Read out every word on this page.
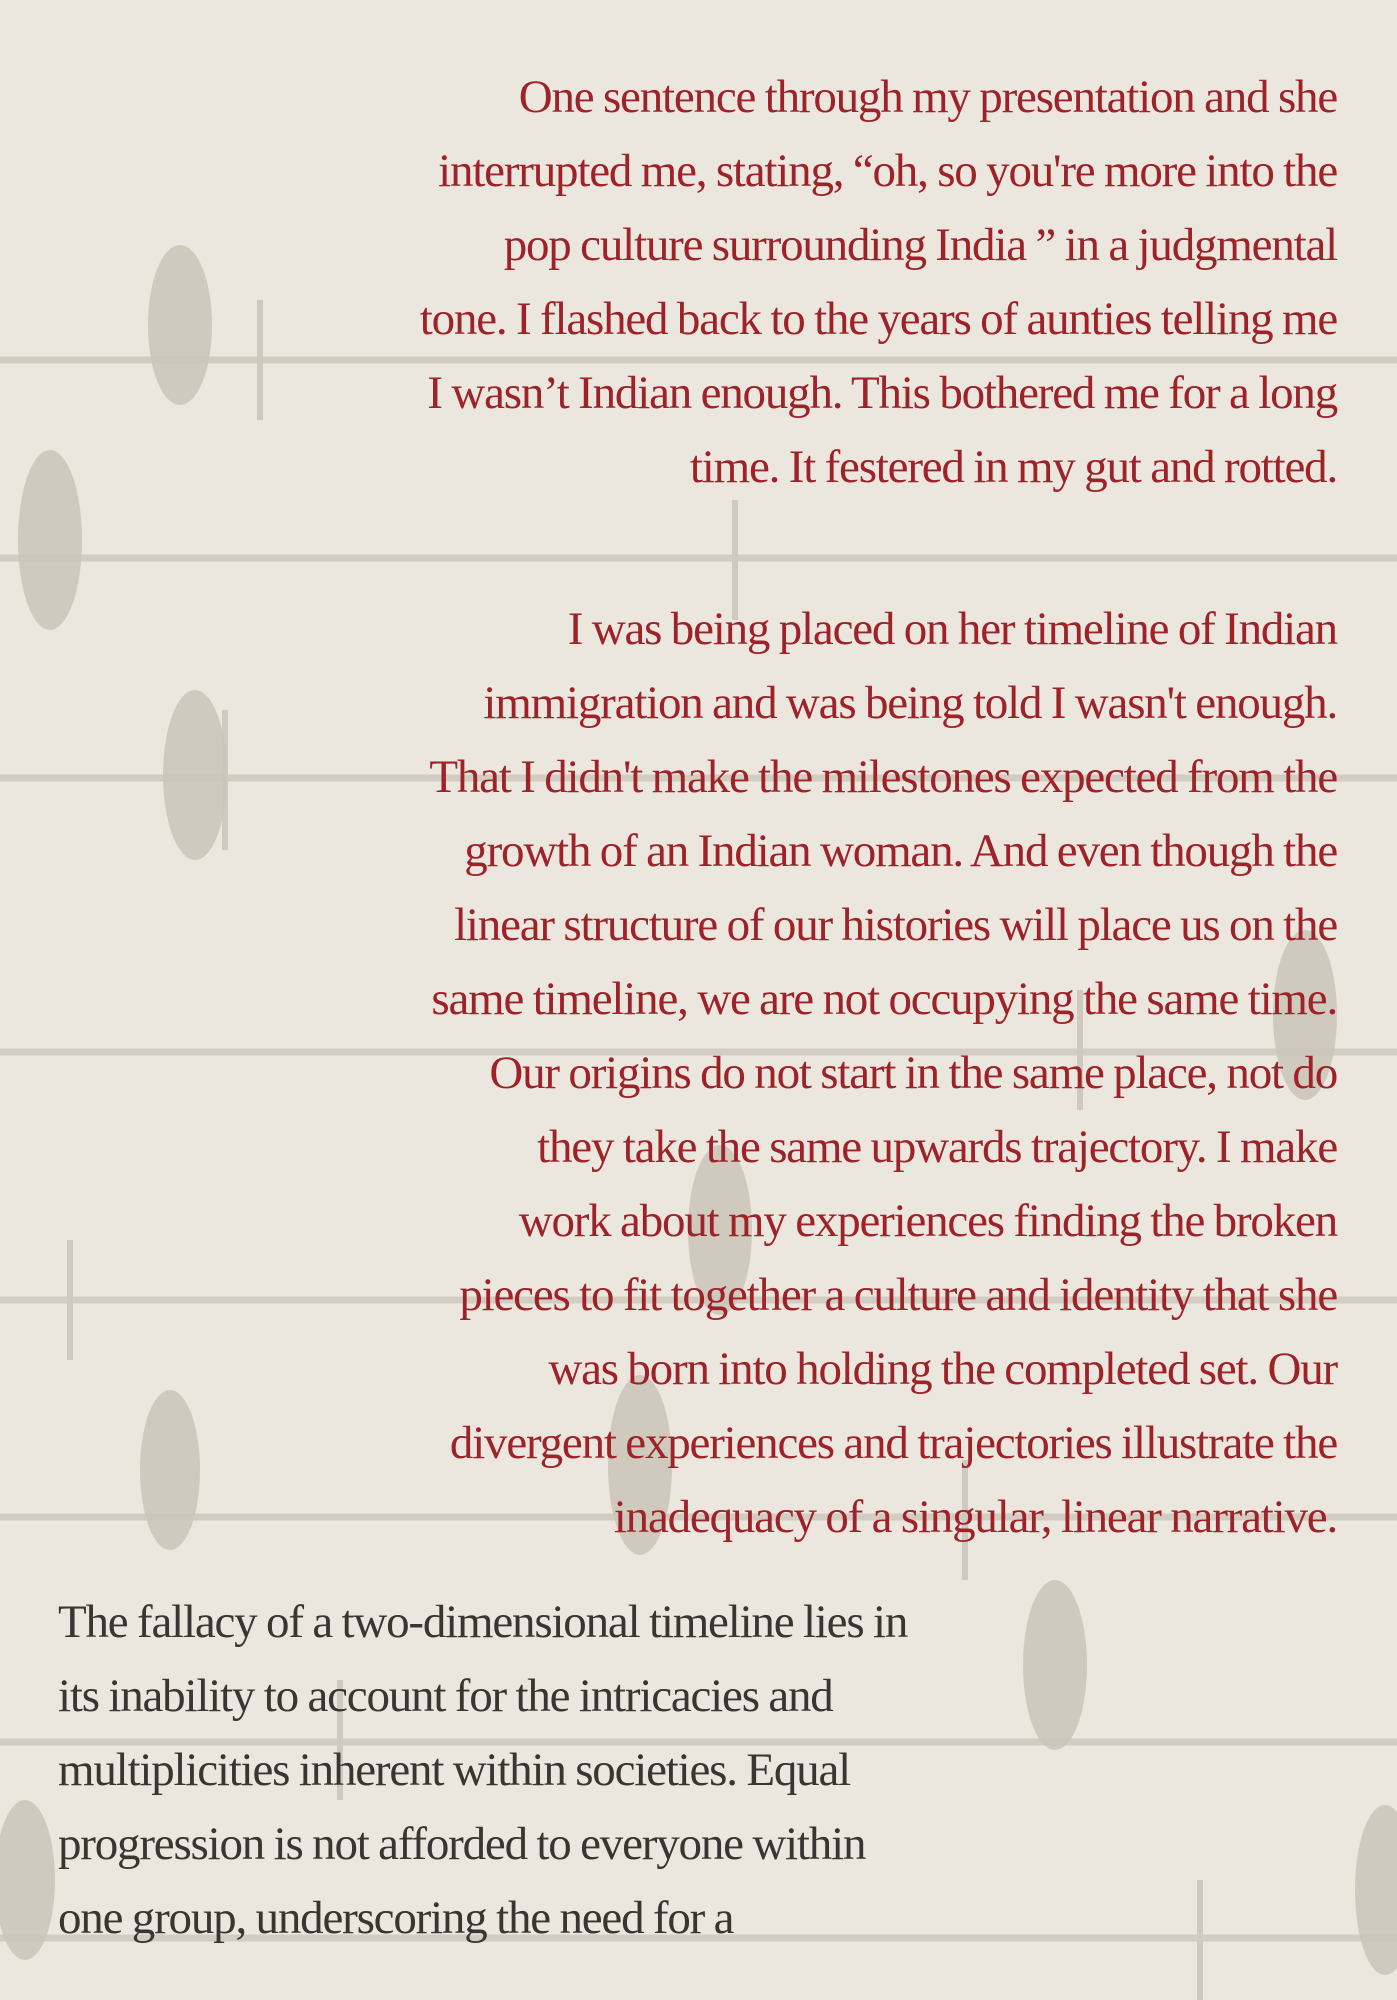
One sentence through my presentation and she
interrupted me, stating, “oh, so you're more into the
pop culture surrounding India ” in a judgmental
tone. I flashed back to the years of aunties telling me
I wasn’t Indian enough. This bothered me for a long
time. It festered in my gut and rotted.
I was being placed on her timeline of Indian
immigration and was being told I wasn't enough.
That I didn't make the milestones expected from the
growth of an Indian woman. And even though the
linear structure of our histories will place us on the
same timeline, we are not occupying the same time.
Our origins do not start in the same place, not do
they take the same upwards trajectory. I make
work about my experiences finding the broken
pieces to fit together a culture and identity that she
was born into holding the completed set. Our
divergent experiences and trajectories illustrate the
inadequacy of a singular, linear narrative.
The fallacy of a two-dimensional timeline lies in
its inability to account for the intricacies and
multiplicities inherent within societies. Equal
progression is not afforded to everyone within
one group, underscoring the need for a
